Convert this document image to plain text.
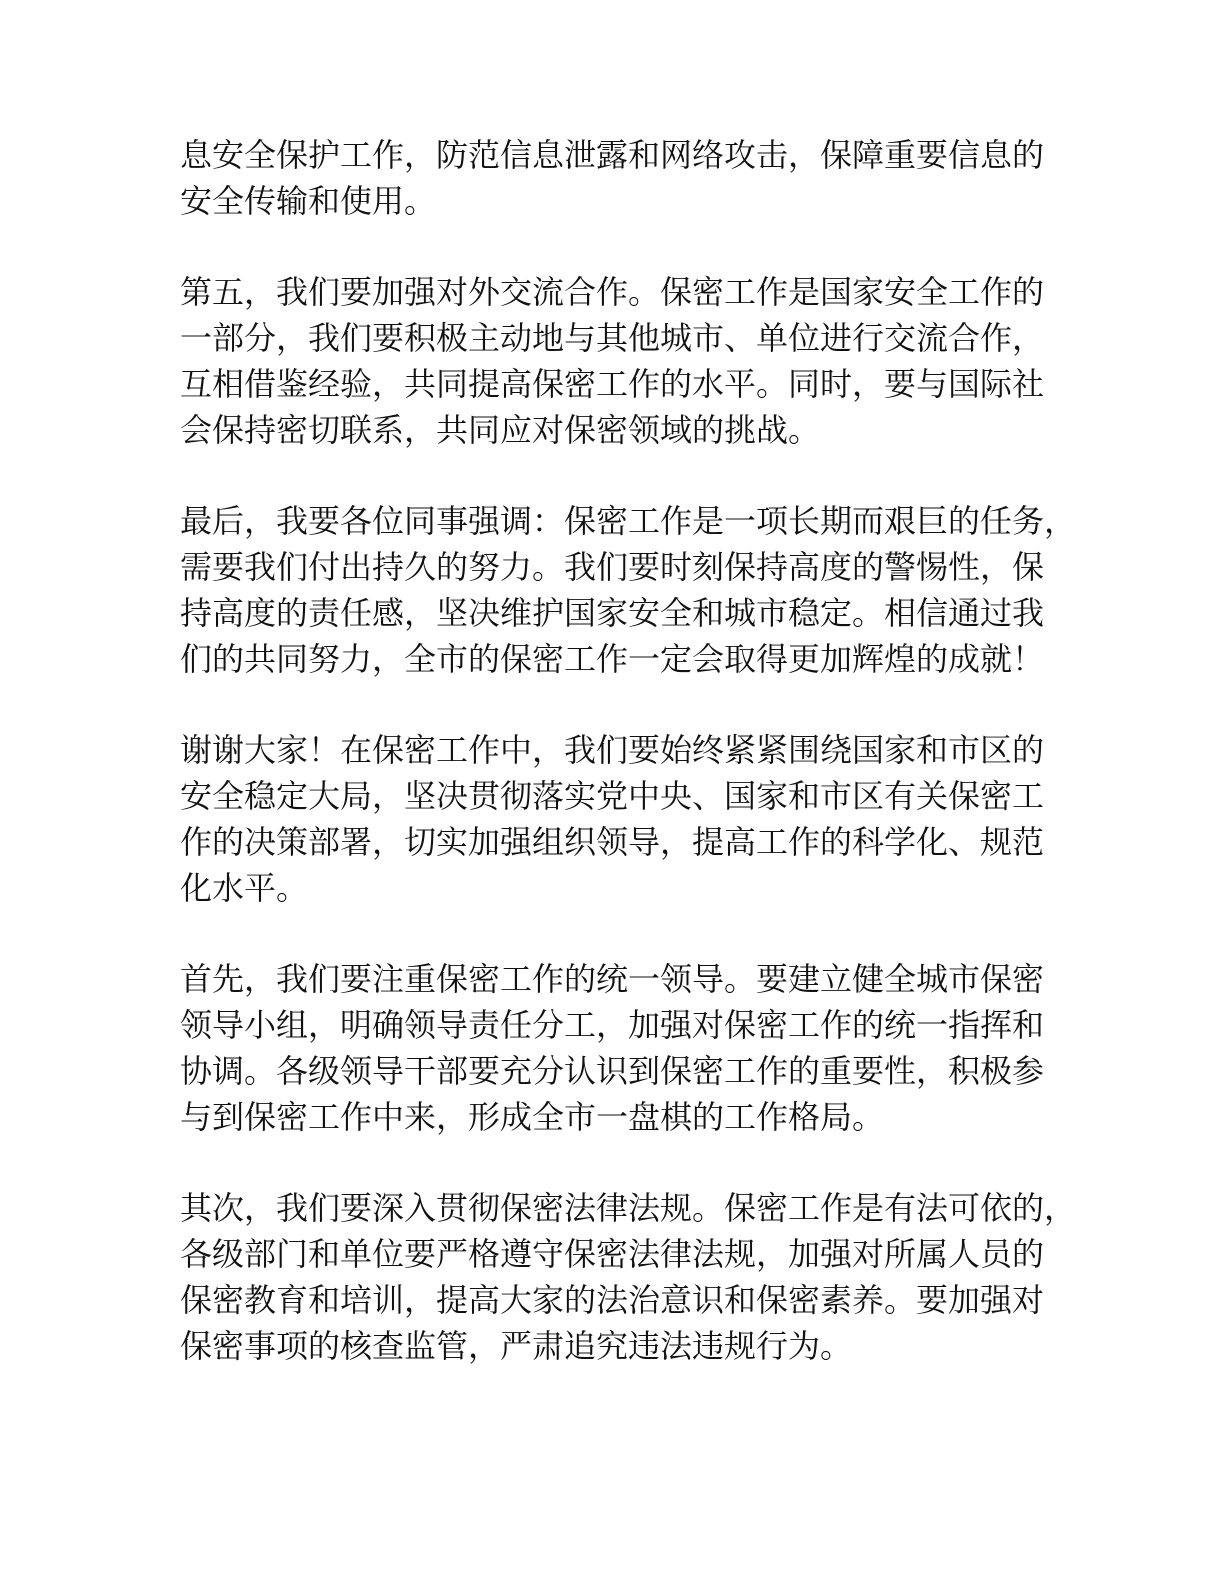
息安全保护工作，防范信息泄露和网络攻击，保障重要信息的
安全传输和使用。
第五，我们要加强对外交流合作。保密工作是国家安全工作的
一部分，我们要积极主动地与其他城市、单位进行交流合作，
互相借鉴经验，共同提高保密工作的水平。同时，要与国际社
会保持密切联系，共同应对保密领域的挑战。
最后，我要各位同事强调：保密工作是一项长期而艰巨的任务，
需要我们付出持久的努力。我们要时刻保持高度的警惕性，保
持高度的责任感，坚决维护国家安全和城市稳定。相信通过我
们的共同努力，全市的保密工作一定会取得更加辉煌的成就！
谢谢大家！在保密工作中，我们要始终紧紧围绕国家和市区的
安全稳定大局，坚决贯彻落实党中央、国家和市区有关保密工
作的决策部署，切实加强组织领导，提高工作的科学化、规范
化水平。
首先，我们要注重保密工作的统一领导。要建立健全城市保密
领导小组，明确领导责任分工，加强对保密工作的统一指挥和
协调。各级领导干部要充分认识到保密工作的重要性，积极参
与到保密工作中来，形成全市一盘棋的工作格局。
其次，我们要深入贯彻保密法律法规。保密工作是有法可依的，
各级部门和单位要严格遵守保密法律法规，加强对所属人员的
保密教育和培训，提高大家的法治意识和保密素养。要加强对
保密事项的核查监管，严肃追究违法违规行为。
